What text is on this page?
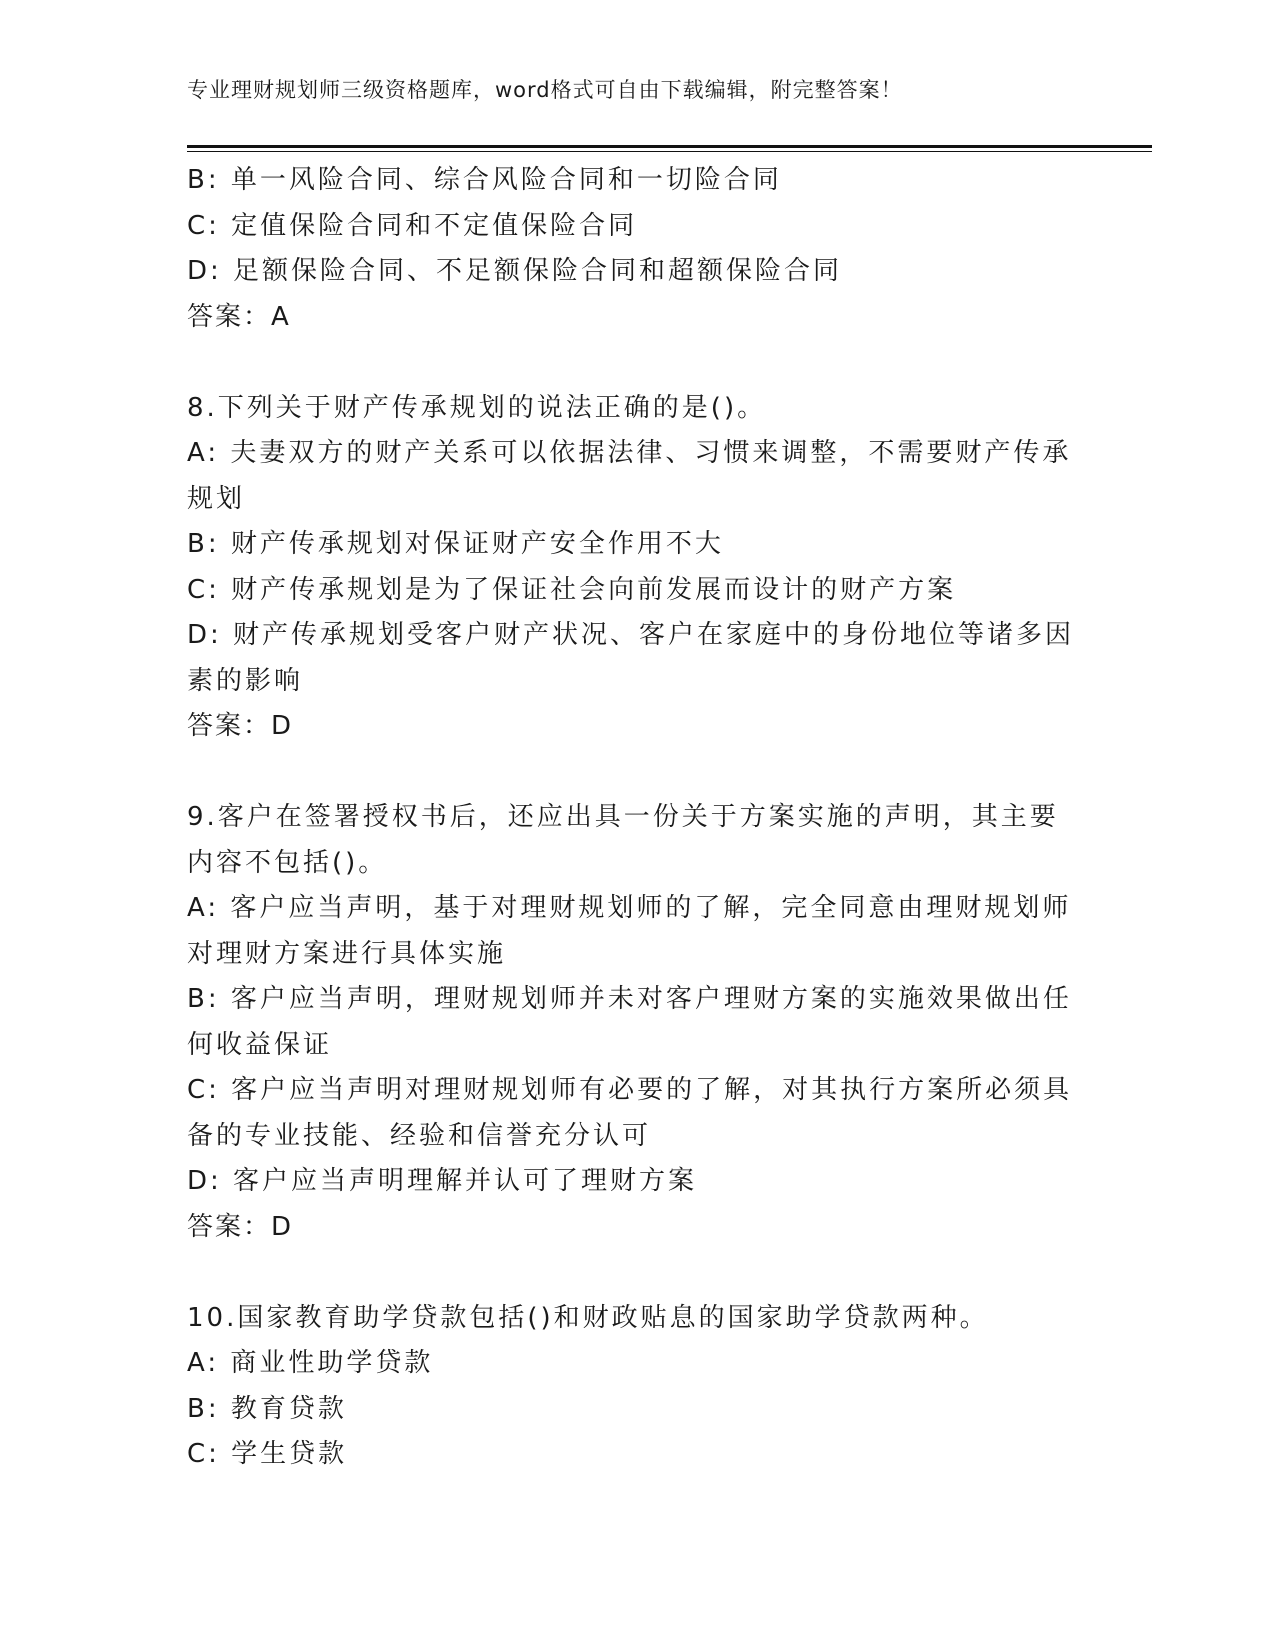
专业理财规划师三级资格题库，word格式可自由下载编辑，附完整答案！
B: 单一风险合同、综合风险合同和一切险合同
C: 定值保险合同和不定值保险合同
D: 足额保险合同、不足额保险合同和超额保险合同
答案：A
8.下列关于财产传承规划的说法正确的是()。
A: 夫妻双方的财产关系可以依据法律、习惯来调整，不需要财产传承
规划
B: 财产传承规划对保证财产安全作用不大
C: 财产传承规划是为了保证社会向前发展而设计的财产方案
D: 财产传承规划受客户财产状况、客户在家庭中的身份地位等诸多因
素的影响
答案：D
9.客户在签署授权书后，还应出具一份关于方案实施的声明，其主要
内容不包括()。
A: 客户应当声明，基于对理财规划师的了解，完全同意由理财规划师
对理财方案进行具体实施
B: 客户应当声明，理财规划师并未对客户理财方案的实施效果做出任
何收益保证
C: 客户应当声明对理财规划师有必要的了解，对其执行方案所必须具
备的专业技能、经验和信誉充分认可
D: 客户应当声明理解并认可了理财方案
答案：D
10.国家教育助学贷款包括()和财政贴息的国家助学贷款两种。
A: 商业性助学贷款
B: 教育贷款
C: 学生贷款
